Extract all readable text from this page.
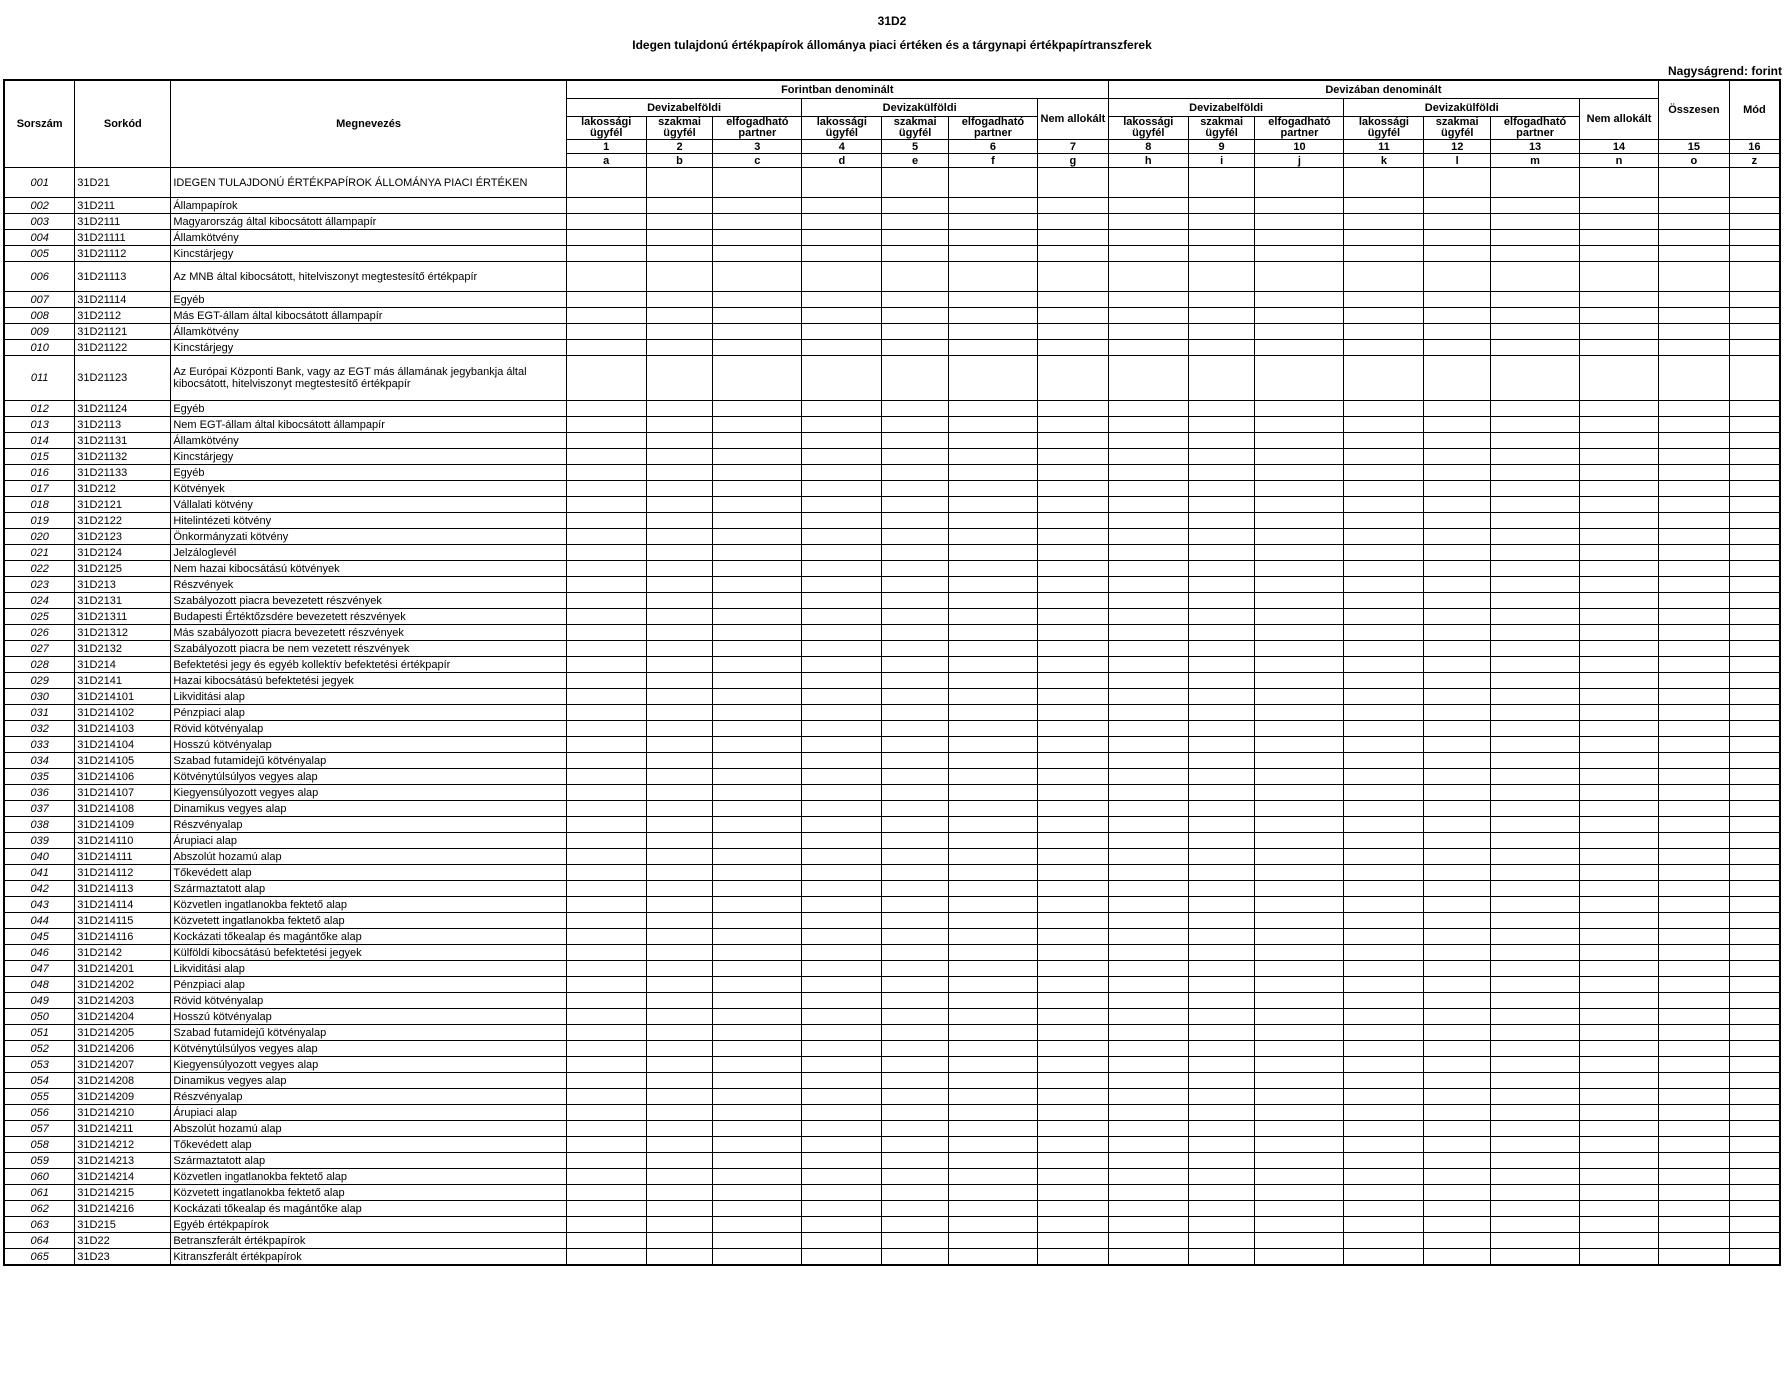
31D2
Idegen tulajdonú értékpapírok állománya piaci értéken és a tárgynapi értékpapírtranszferek
Nagyságrend: forint
Sorszám	Sorkód	Megnevezés	Forintban denominált							Devizában denominált							Összesen	Mód
			Devizabelföldi			Devizakülföldi			Nem allokált	Devizabelföldi			Devizakülföldi			Nem allokált		
			lakossági ügyfél	szakmai ügyfél	elfogadható partner	lakossági ügyfél	szakmai ügyfél	elfogadható partner		lakossági ügyfél	szakmai ügyfél	elfogadható partner	lakossági ügyfél	szakmai ügyfél	elfogadható partner			
			1	2	3	4	5	6	7	8	9	10	11	12	13	14	15	16
			a	b	c	d	e	f	g	h	i	j	k	l	m	n	o	z
001	31D21	IDEGEN TULAJDONÚ ÉRTÉKPAPÍROK ÁLLOMÁNYA PIACI ÉRTÉKEN																
002	31D211	Állampapírok																
003	31D2111	Magyarország által kibocsátott állampapír																
004	31D21111	Államkötvény																
005	31D21112	Kincstárjegy																
006	31D21113	Az MNB által kibocsátott, hitelviszonyt megtestesítő értékpapír																
007	31D21114	Egyéb																
008	31D2112	Más EGT-állam által kibocsátott állampapír																
009	31D21121	Államkötvény																
010	31D21122	Kincstárjegy																
011	31D21123	Az Európai Központi Bank, vagy az EGT más államának jegybankja által kibocsátott, hitelviszonyt megtestesítő értékpapír																
012	31D21124	Egyéb																
013	31D2113	Nem EGT-állam által kibocsátott állampapír																
014	31D21131	Államkötvény																
015	31D21132	Kincstárjegy																
016	31D21133	Egyéb																
017	31D212	Kötvények																
018	31D2121	Vállalati kötvény																
019	31D2122	Hitelintézeti kötvény																
020	31D2123	Önkormányzati kötvény																
021	31D2124	Jelzáloglevél																
022	31D2125	Nem hazai kibocsátású kötvények																
023	31D213	Részvények																
024	31D2131	Szabályozott piacra bevezetett részvények																
025	31D21311	Budapesti Értéktőzsdére bevezetett részvények																
026	31D21312	Más szabályozott piacra bevezetett részvények																
027	31D2132	Szabályozott piacra be nem vezetett részvények																
028	31D214	Befektetési jegy és egyéb kollektív befektetési értékpapír																
029	31D2141	Hazai kibocsátású befektetési jegyek																
030	31D214101	Likviditási alap																
031	31D214102	Pénzpiaci alap																
032	31D214103	Rövid kötvényalap																
033	31D214104	Hosszú kötvényalap																
034	31D214105	Szabad futamidejű kötvényalap																
035	31D214106	Kötvénytúlsúlyos vegyes alap																
036	31D214107	Kiegyensúlyozott vegyes alap																
037	31D214108	Dinamikus vegyes alap																
038	31D214109	Részvényalap																
039	31D214110	Árupiaci alap																
040	31D214111	Abszolút hozamú alap																
041	31D214112	Tőkevédett alap																
042	31D214113	Származtatott alap																
043	31D214114	Közvetlen ingatlanokba fektető alap																
044	31D214115	Közvetett ingatlanokba fektető alap																
045	31D214116	Kockázati tőkealap és magántőke alap																
046	31D2142	Külföldi kibocsátású befektetési jegyek																
047	31D214201	Likviditási alap																
048	31D214202	Pénzpiaci alap																
049	31D214203	Rövid kötvényalap																
050	31D214204	Hosszú kötvényalap																
051	31D214205	Szabad futamidejű kötvényalap																
052	31D214206	Kötvénytúlsúlyos vegyes alap																
053	31D214207	Kiegyensúlyozott vegyes alap																
054	31D214208	Dinamikus vegyes alap																
055	31D214209	Részvényalap																
056	31D214210	Árupiaci alap																
057	31D214211	Abszolút hozamú alap																
058	31D214212	Tőkevédett alap																
059	31D214213	Származtatott alap																
060	31D214214	Közvetlen ingatlanokba fektető alap																
061	31D214215	Közvetett ingatlanokba fektető alap																
062	31D214216	Kockázati tőkealap és magántőke alap																
063	31D215	Egyéb értékpapírok																
064	31D22	Betranszferált értékpapírok																
065	31D23	Kitranszferált értékpapírok																
